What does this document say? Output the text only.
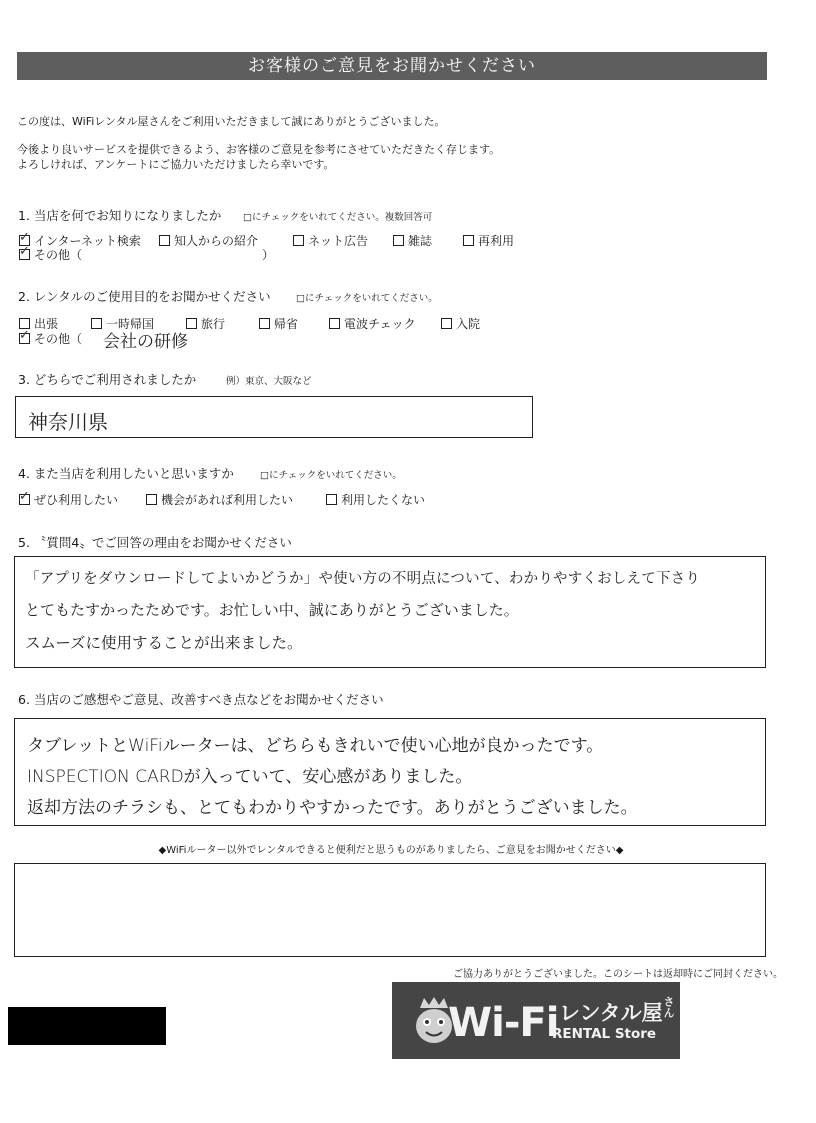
お客様のご意見をお聞かせください
この度は、WiFiレンタル屋さんをご利用いただきまして誠にありがとうございました。
今後より良いサービスを提供できるよう、お客様のご意見を参考にさせていただきたく存じます。
よろしければ、アンケートにご協力いただけましたら幸いです。
1. 当店を何でお知りになりましたか □にチェックをいれてください。複数回答可
✓
インターネット検索	知人からの紹介	ネット広告	雑誌	再利用
✓
その他（	）
2. レンタルのご使用目的をお聞かせください	□にチェックをいれてください。
出張	一時帰国	旅行	帰省	電波チェック	入院
✓
その他（ 会社の研修
3. どちらでご利用されましたか	例）東京、大阪など
神奈川県
4. また当店を利用したいと思いますか	□にチェックをいれてください。
✓
ぜひ利用したい	機会があれば利用したい	利用したくない
5. 〝質問4〟でご回答の理由をお聞かせください
「アプリをダウンロードしてよいかどうか」や使い方の不明点について、わかりやすくおしえて下さり
とてもたすかったためです。お忙しい中、誠にありがとうございました。
スムーズに使用することが出来ました。
6. 当店のご感想やご意見、改善すべき点などをお聞かせください
タブレットとWiFiルーターは、どちらもきれいで使い心地が良かったです。
INSPECTION CARDが入っていて、安心感がありました。
返却方法のチラシも、とてもわかりやすかったです。ありがとうございました。
◆WiFiルーター以外でレンタルできると便利だと思うものがありましたら、ご意見をお聞かせください◆
ご協力ありがとうございました。このシートは返却時にご同封ください。
Wi-Fi レンタル屋 さん
RENTAL Store
